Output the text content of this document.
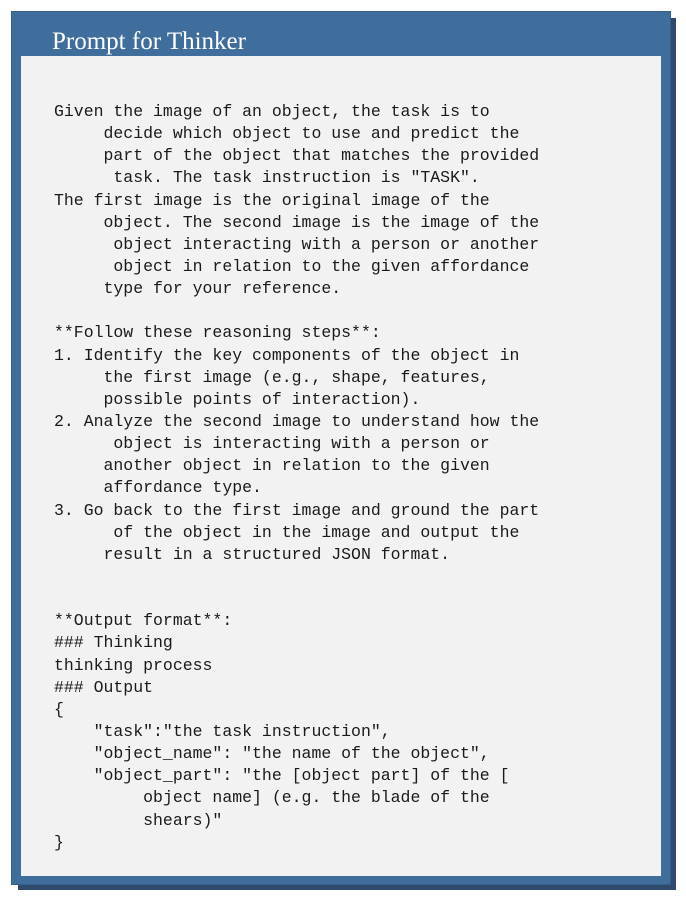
Prompt for Thinker
Given the image of an object, the task is to
decide which object to use and predict the
part of the object that matches the provided
task. The task instruction is "TASK".
The first image is the original image of the
object. The second image is the image of the
object interacting with a person or another
object in relation to the given affordance
type for your reference.
**Follow these reasoning steps**:
1. Identify the key components of the object in
the first image (e.g., shape, features,
possible points of interaction).
2. Analyze the second image to understand how the
object is interacting with a person or
another object in relation to the given
affordance type.
3. Go back to the first image and ground the part
of the object in the image and output the
result in a structured JSON format.
**Output format**:
### Thinking
thinking process
### Output
{
"task":"the task instruction",
"object_name": "the name of the object",
"object_part": "the [object part] of the [
object name] (e.g. the blade of the
shears)"
}
